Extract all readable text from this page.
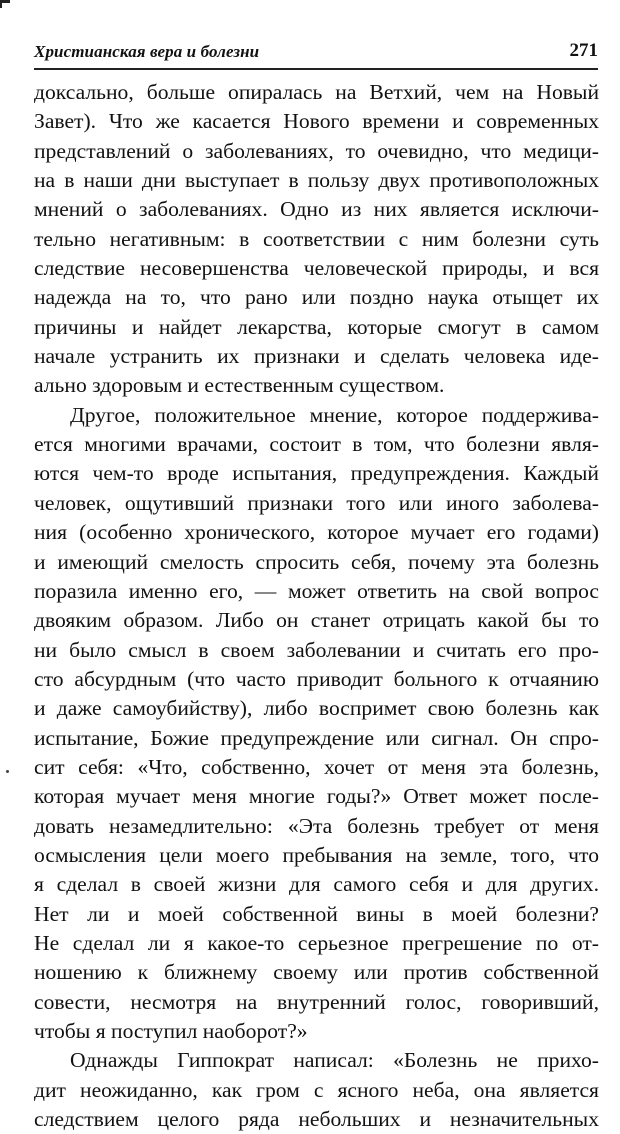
Христианская вера и болезни	271
доксально, больше опиралась на Ветхий, чем на Новый
Завет). Что же касается Нового времени и современных
представлений о заболеваниях, то очевидно, что медици-
на в наши дни выступает в пользу двух противоположных
мнений о заболеваниях. Одно из них является исключи-
тельно негативным: в соответствии с ним болезни суть
следствие несовершенства человеческой природы, и вся
надежда на то, что рано или поздно наука отыщет их
причины и найдет лекарства, которые смогут в самом
начале устранить их признаки и сделать человека иде-
ально здоровым и естественным существом.
Другое, положительное мнение, которое поддержива-
ется многими врачами, состоит в том, что болезни явля-
ются чем-то вроде испытания, предупреждения. Каждый
человек, ощутивший признаки того или иного заболева-
ния (особенно хронического, которое мучает его годами)
и имеющий смелость спросить себя, почему эта болезнь
поразила именно его, — может ответить на свой вопрос
двояким образом. Либо он станет отрицать какой бы то
ни было смысл в своем заболевании и считать его про-
сто абсурдным (что часто приводит больного к отчаянию
и даже самоубийству), либо воспримет свою болезнь как
испытание, Божие предупреждение или сигнал. Он спро-
сит себя: «Что, собственно, хочет от меня эта болезнь,
которая мучает меня многие годы?» Ответ может после-
довать незамедлительно: «Эта болезнь требует от меня
осмысления цели моего пребывания на земле, того, что
я сделал в своей жизни для самого себя и для других.
Нет ли и моей собственной вины в моей болезни?
Не сделал ли я какое-то серьезное прегрешение по от-
ношению к ближнему своему или против собственной
совести, несмотря на внутренний голос, говоривший,
чтобы я поступил наоборот?»
Однажды Гиппократ написал: «Болезнь не прихо-
дит неожиданно, как гром с ясного неба, она является
следствием целого ряда небольших и незначительных
